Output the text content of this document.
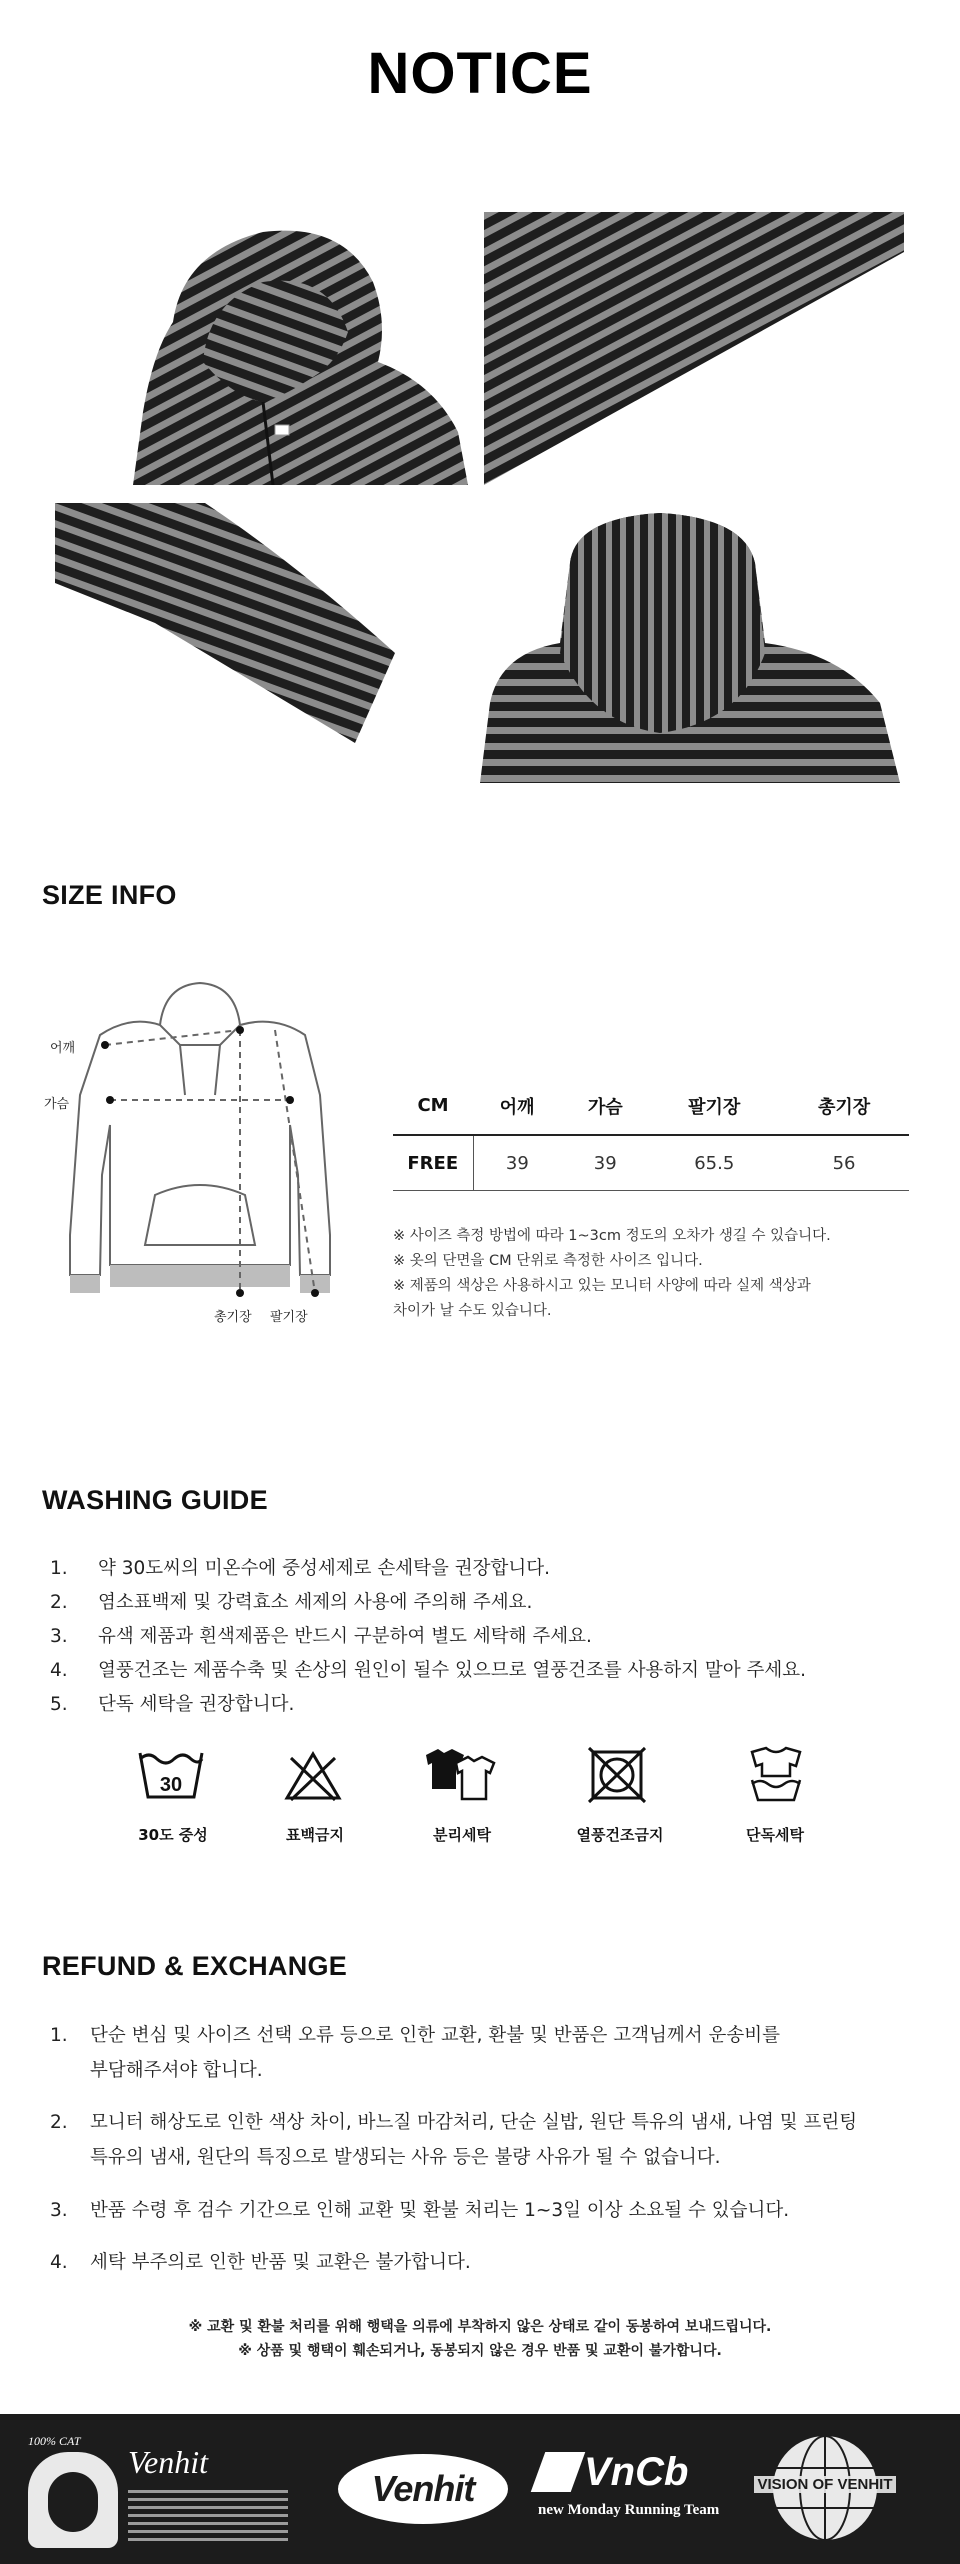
NOTICE
SIZE INFO
어깨
가슴
총기장 팔기장
CM	어깨	가슴	팔기장	총기장
FREE	39	39	65.5	56
※ 사이즈 측정 방법에 따라 1~3cm 정도의 오차가 생길 수 있습니다.
※ 옷의 단면을 CM 단위로 측정한 사이즈 입니다.
※ 제품의 색상은 사용하시고 있는 모니터 사양에 따라 실제 색상과
차이가 날 수도 있습니다.
WASHING GUIDE
1. 약 30도씨의 미온수에 중성세제로 손세탁을 권장합니다.
2. 염소표백제 및 강력효소 세제의 사용에 주의해 주세요.
3. 유색 제품과 흰색제품은 반드시 구분하여 별도 세탁해 주세요.
4. 열풍건조는 제품수축 및 손상의 원인이 될수 있으므로 열풍건조를 사용하지 말아 주세요.
5. 단독 세탁을 권장합니다.
30
30도 중성	표백금지	분리세탁	열풍건조금지	단독세탁
REFUND & EXCHANGE
1. 단순 변심 및 사이즈 선택 오류 등으로 인한 교환, 환불 및 반품은 고객님께서 운송비를
부담해주셔야 합니다.
2. 모니터 해상도로 인한 색상 차이, 바느질 마감처리, 단순 실밥, 원단 특유의 냄새, 나염 및 프린팅
특유의 냄새, 원단의 특징으로 발생되는 사유 등은 불량 사유가 될 수 없습니다.
3. 반품 수령 후 검수 기간으로 인해 교환 및 환불 처리는 1~3일 이상 소요될 수 있습니다.
4. 세탁 부주의로 인한 반품 및 교환은 불가합니다.
※ 교환 및 환불 처리를 위해 행택을 의류에 부착하지 않은 상태로 같이 동봉하여 보내드립니다.
※ 상품 및 행택이 훼손되거나, 동봉되지 않은 경우 반품 및 교환이 불가합니다.
100% CAT
Venhit
Venhit	VnCb
new Monday Running Team
VISION OF VENHIT
